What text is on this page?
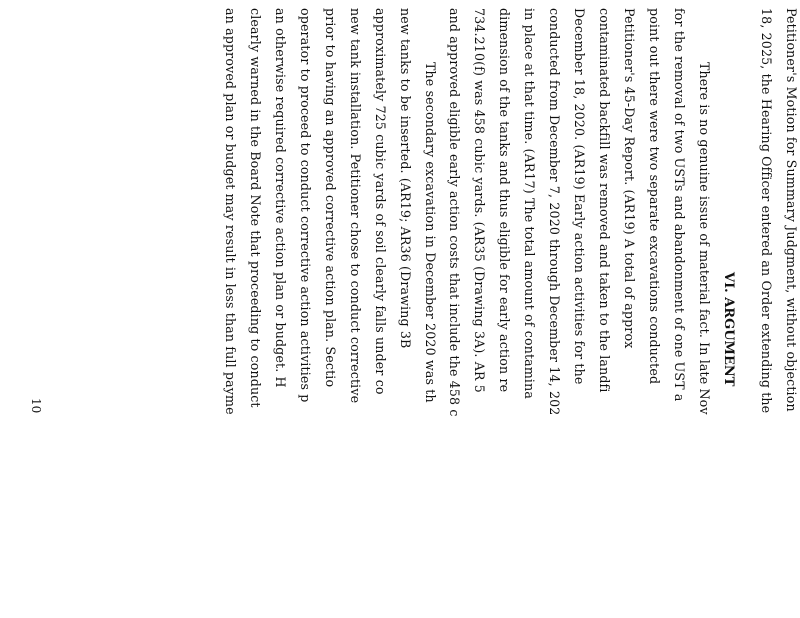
Petitioner's Motion for Summary Judgment, without objection
18, 2025, the Hearing Officer entered an Order extending the
VI. ARGUMENT
There is no genuine issue of material fact. In late Nov
for the removal of two USTs and abandonment of one UST a
point out there were two separate excavations conducted
Petitioner's 45-Day Report. (AR19) A total of approx
contaminated backfill was removed and taken to the landfi
December 18, 2020. (AR19) Early action activities for the
conducted from December 7, 2020 through December 14, 202
in place at that time. (AR17) The total amount of contamina
dimension of the tanks and thus eligible for early action re
734.210(f) was 458 cubic yards. (AR35 (Drawing 3A). AR 5
and approved eligible early action costs that include the 458 c
The secondary excavation in December 2020 was th
new tanks to be inserted. (AR19; AR36 (Drawing 3B
approximately 725 cubic yards of soil clearly falls under co
new tank installation. Petitioner chose to conduct corrective
prior to having an approved corrective action plan. Sectio
operator to proceed to conduct corrective action activities p
an otherwise required corrective action plan or budget. H
clearly warned in the Board Note that proceeding to conduct
an approved plan or budget may result in less than full payme
10
